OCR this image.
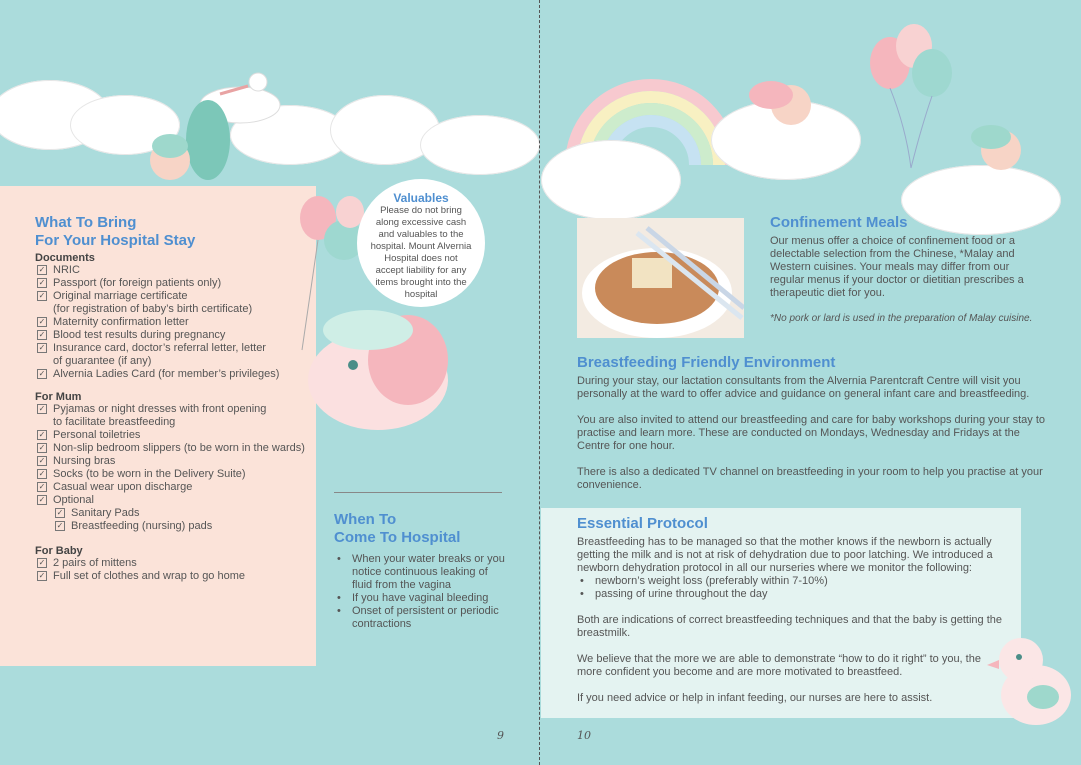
What To Bring

For Your Hospital Stay

Documents

✓ NRIC
✓ Passport (for foreign patients only)
✓ Original marriage certificate
(for registration of baby’s birth certificate)
✓ Maternity confirmation letter
✓ Blood test results during pregnancy
✓ Insurance card, doctor’s referral letter, letter
of guarantee (if any)
✓ Alvernia Ladies Card (for member’s privileges)

For Mum

✓ Pyjamas or night dresses with front opening
to facilitate breastfeeding
✓ Personal toiletries
✓ Non-slip bedroom slippers (to be worn in the wards)
✓ Nursing bras
✓ Socks (to be worn in the Delivery Suite)
✓ Casual wear upon discharge
✓ Optional
✓ Sanitary Pads
✓ Breastfeeding (nursing) pads

For Baby

✓ 2 pairs of mittens
✓ Full set of clothes and wrap to go home
Valuables
Please do not bring along excessive cash and valuables to the hospital. Mount Alvernia Hospital does not accept liability for any items brought into the hospital

When To

Come To Hospital

• When your water breaks or you notice continuous leaking of fluid from the vagina
• If you have vaginal bleeding
• Onset of persistent or periodic contractions
9

Confinement Meals

Our menus offer a choice of confinement food or a delectable selection from the Chinese, *Malay and Western cuisines. Your meals may differ from our regular menus if your doctor or dietitian prescribes a therapeutic diet for you.

*No pork or lard is used in the preparation of Malay cuisine.

Breastfeeding Friendly Environment

During your stay, our lactation consultants from the Alvernia Parentcraft Centre will visit you personally at the ward to offer advice and guidance on general infant care and breastfeeding.

You are also invited to attend our breastfeeding and care for baby workshops during your stay to practise and learn more. These are conducted on Mondays, Wednesday and Fridays at the Centre for one hour.

There is also a dedicated TV channel on breastfeeding in your room to help you practise at your convenience.

Essential Protocol

Breastfeeding has to be managed so that the mother knows if the newborn is actually getting the milk and is not at risk of dehydration due to poor latching. We introduced a newborn dehydration protocol in all our nurseries where we monitor the following:

• newborn’s weight loss (preferably within 7-10%)
• passing of urine throughout the day

Both are indications of correct breastfeeding techniques and that the baby is getting the breastmilk.

We believe that the more we are able to demonstrate “how to do it right” to you, the more confident you become and are more motivated to breastfeed.

If you need advice or help in infant feeding, our nurses are here to assist.

10
